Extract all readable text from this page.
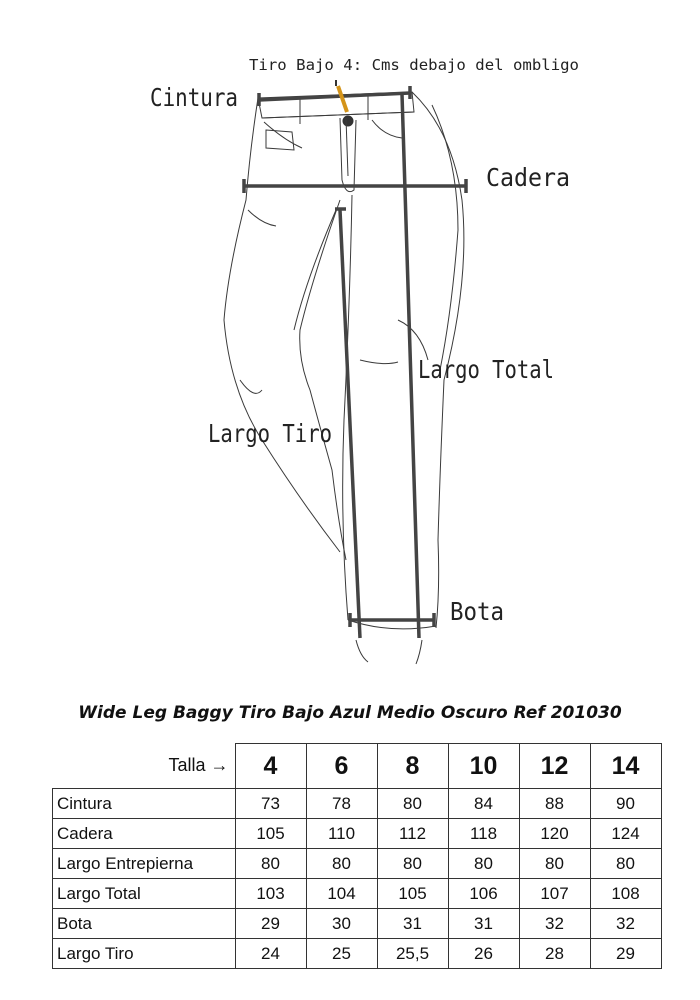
Tiro Bajo 4: Cms debajo del ombligo
Cintura
Cadera
Largo Total
Largo Tiro
Bota

Wide Leg Baggy Tiro Bajo Azul Medio Oscuro Ref 201030

Talla →	4	6	8	10	12	14
Cintura	73	78	80	84	88	90
Cadera	105	110	112	118	120	124
Largo Entrepierna	80	80	80	80	80	80
Largo Total	103	104	105	106	107	108
Bota	29	30	31	31	32	32
Largo Tiro	24	25	25,5	26	28	29
